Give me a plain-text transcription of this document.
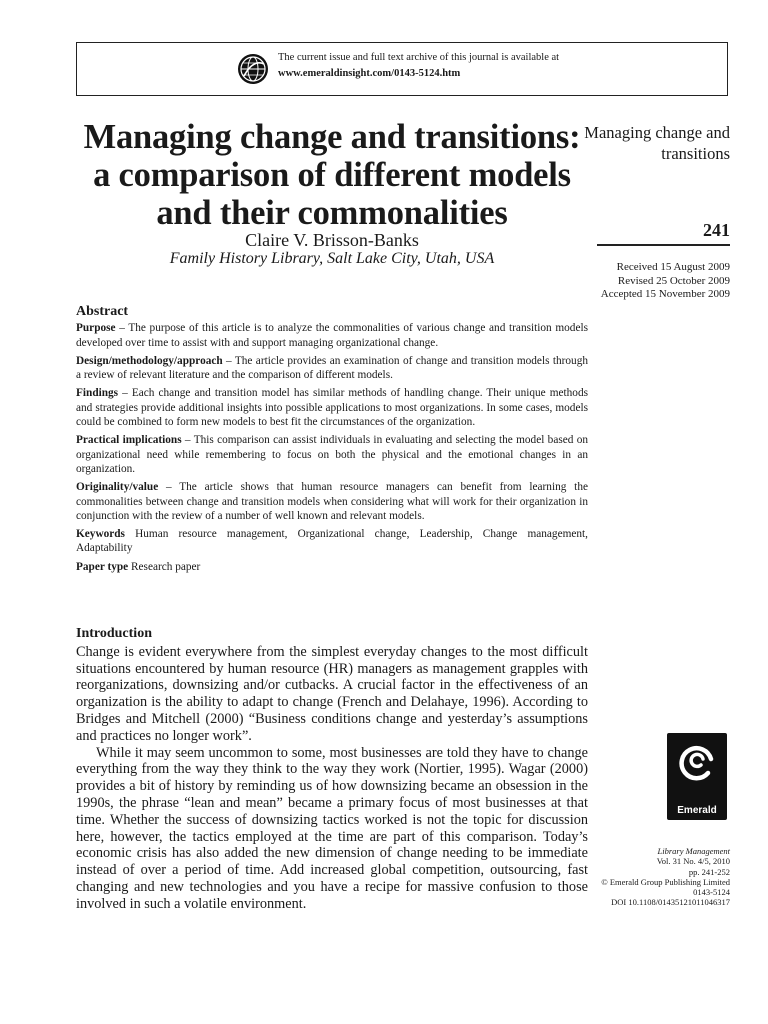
The current issue and full text archive of this journal is available at
www.emeraldinsight.com/0143-5124.htm
Managing change and transitions: a comparison of different models and their commonalities
Claire V. Brisson-Banks
Family History Library, Salt Lake City, Utah, USA
Managing change and transitions
241
Received 15 August 2009
Revised 25 October 2009
Accepted 15 November 2009
Abstract

Purpose – The purpose of this article is to analyze the commonalities of various change and transition models developed over time to assist with and support managing organizational change.

Design/methodology/approach – The article provides an examination of change and transition models through a review of relevant literature and the comparison of different models.

Findings – Each change and transition model has similar methods of handling change. Their unique methods and strategies provide additional insights into possible applications to most organizations. In some cases, models could be combined to form new models to best fit the circumstances of the organization.

Practical implications – This comparison can assist individuals in evaluating and selecting the model based on organizational need while remembering to focus on both the physical and the emotional changes in an organization.

Originality/value – The article shows that human resource managers can benefit from learning the commonalities between change and transition models when considering what will work for their organization in conjunction with the review of a number of well known and relevant models.

Keywords Human resource management, Organizational change, Leadership, Change management, Adaptability

Paper type Research paper

Introduction

Change is evident everywhere from the simplest everyday changes to the most difficult situations encountered by human resource (HR) managers as management grapples with reorganizations, downsizing and/or cutbacks. A crucial factor in the effectiveness of an organization is the ability to adapt to change (French and Delahaye, 1996). According to Bridges and Mitchell (2000) “Business conditions change and yesterday’s assumptions and practices no longer work”.

While it may seem uncommon to some, most businesses are told they have to change everything from the way they think to the way they work (Nortier, 1995). Wagar (2000) provides a bit of history by reminding us of how downsizing became an obsession in the 1990s, the phrase “lean and mean” became a primary focus of most businesses at that time. Whether the success of downsizing tactics worked is not the topic for discussion here, however, the tactics employed at the time are part of this comparison. Today’s economic crisis has also added the new dimension of change needing to be immediate instead of over a period of time. Add increased global competition, outsourcing, fast changing and new technologies and you have a recipe for massive confusion to those involved in such a volatile environment.

Emerald
Library Management
Vol. 31 No. 4/5, 2010
pp. 241-252
© Emerald Group Publishing Limited
0143-5124
DOI 10.1108/01435121011046317
